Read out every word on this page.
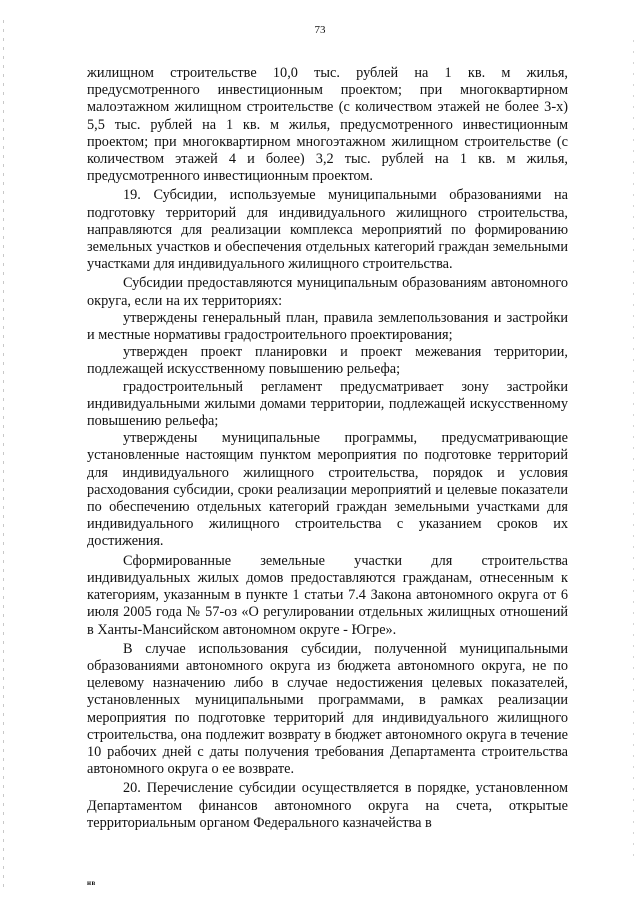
73

жилищном строительстве 10,0 тыс. рублей на 1 кв. м жилья, предусмотренного инвестиционным проектом; при многоквартирном малоэтажном жилищном строительстве (с количеством этажей не более 3-х) 5,5 тыс. рублей на 1 кв. м жилья, предусмотренного инвестиционным проектом; при многоквартирном многоэтажном жилищном строительстве (с количеством этажей 4 и более) 3,2 тыс. рублей на 1 кв. м жилья, предусмотренного инвестиционным проектом.

19. Субсидии, используемые муниципальными образованиями на подготовку территорий для индивидуального жилищного строительства, направляются для реализации комплекса мероприятий по формированию земельных участков и обеспечения отдельных категорий граждан земельными участками для индивидуального жилищного строительства.

Субсидии предоставляются муниципальным образованиям автономного округа, если на их территориях:

утверждены генеральный план, правила землепользования и застройки и местные нормативы градостроительного проектирования;

утвержден проект планировки и проект межевания территории, подлежащей искусственному повышению рельефа;

градостроительный регламент предусматривает зону застройки индивидуальными жилыми домами территории, подлежащей искусственному повышению рельефа;

утверждены муниципальные программы, предусматривающие установленные настоящим пунктом мероприятия по подготовке территорий для индивидуального жилищного строительства, порядок и условия расходования субсидии, сроки реализации мероприятий и целевые показатели по обеспечению отдельных категорий граждан земельными участками для индивидуального жилищного строительства с указанием сроков их достижения.

Сформированные земельные участки для строительства индивидуальных жилых домов предоставляются гражданам, отнесенным к категориям, указанным в пункте 1 статьи 7.4 Закона автономного округа от 6 июля 2005 года № 57-оз «О регулировании отдельных жилищных отношений в Ханты-Мансийском автономном округе - Югре».

В случае использования субсидии, полученной муниципальными образованиями автономного округа из бюджета автономного округа, не по целевому назначению либо в случае недостижения целевых показателей, установленных муниципальными программами, в рамках реализации мероприятия по подготовке территорий для индивидуального жилищного строительства, она подлежит возврату в бюджет автономного округа в течение 10 рабочих дней с даты получения требования Департамента строительства автономного округа о ее возврате.

20. Перечисление субсидии осуществляется в порядке, установленном Департаментом финансов автономного округа на счета, открытые территориальным органом Федерального казначейства в

нв
